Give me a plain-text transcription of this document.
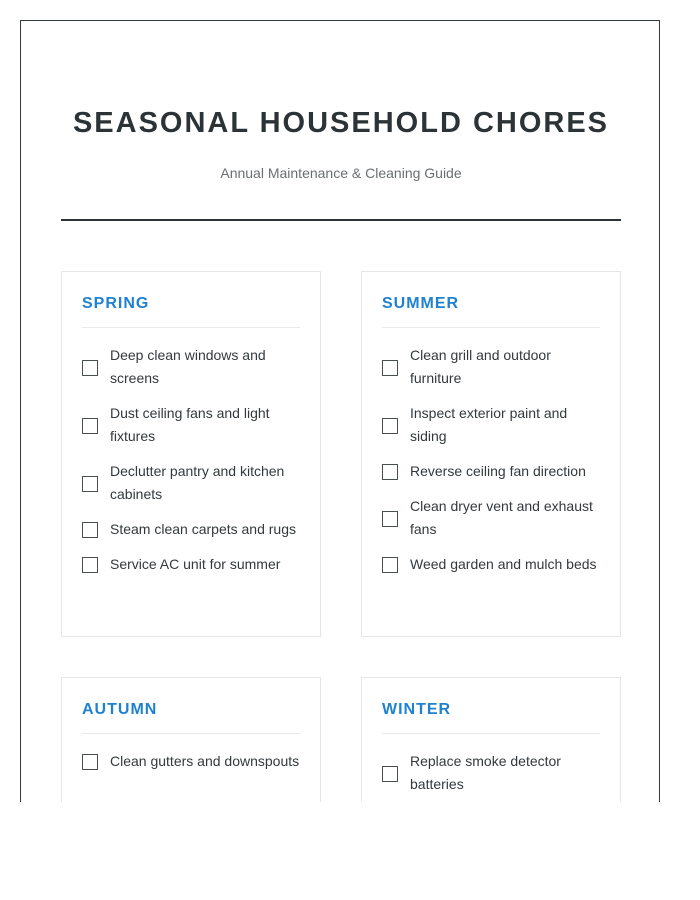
SEASONAL HOUSEHOLD CHORES
Annual Maintenance & Cleaning Guide
SPRING
Deep clean windows and screens
Dust ceiling fans and light fixtures
Declutter pantry and kitchen cabinets
Steam clean carpets and rugs
Service AC unit for summer
SUMMER
Clean grill and outdoor furniture
Inspect exterior paint and siding
Reverse ceiling fan direction
Clean dryer vent and exhaust fans
Weed garden and mulch beds
AUTUMN
Clean gutters and downspouts
WINTER
Replace smoke detector batteries
